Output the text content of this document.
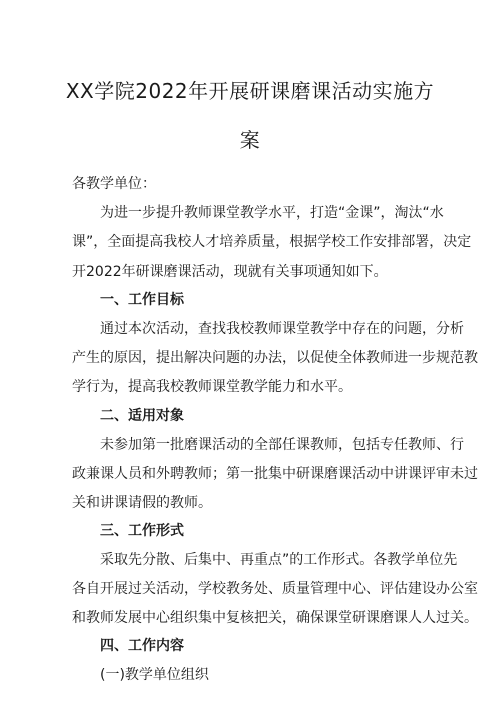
XX学院2022年开展研课磨课活动实施方
案
各教学单位：
为进一步提升教师课堂教学水平，打造“金课”，淘汰“水
课”，全面提高我校人才培养质量，根据学校工作安排部署，决定
开2022年研课磨课活动，现就有关事项通知如下。
一、工作目标
通过本次活动，查找我校教师课堂教学中存在的问题，分析
产生的原因，提出解决问题的办法，以促使全体教师进一步规范教
学行为，提高我校教师课堂教学能力和水平。
二、适用对象
未参加第一批磨课活动的全部任课教师，包括专任教师、行
政兼课人员和外聘教师；第一批集中研课磨课活动中讲课评审未过
关和讲课请假的教师。
三、工作形式
采取先分散、后集中、再重点”的工作形式。各教学单位先
各自开展过关活动，学校教务处、质量管理中心、评估建设办公室
和教师发展中心组织集中复核把关，确保课堂研课磨课人人过关。
四、工作内容
(一)教学单位组织
